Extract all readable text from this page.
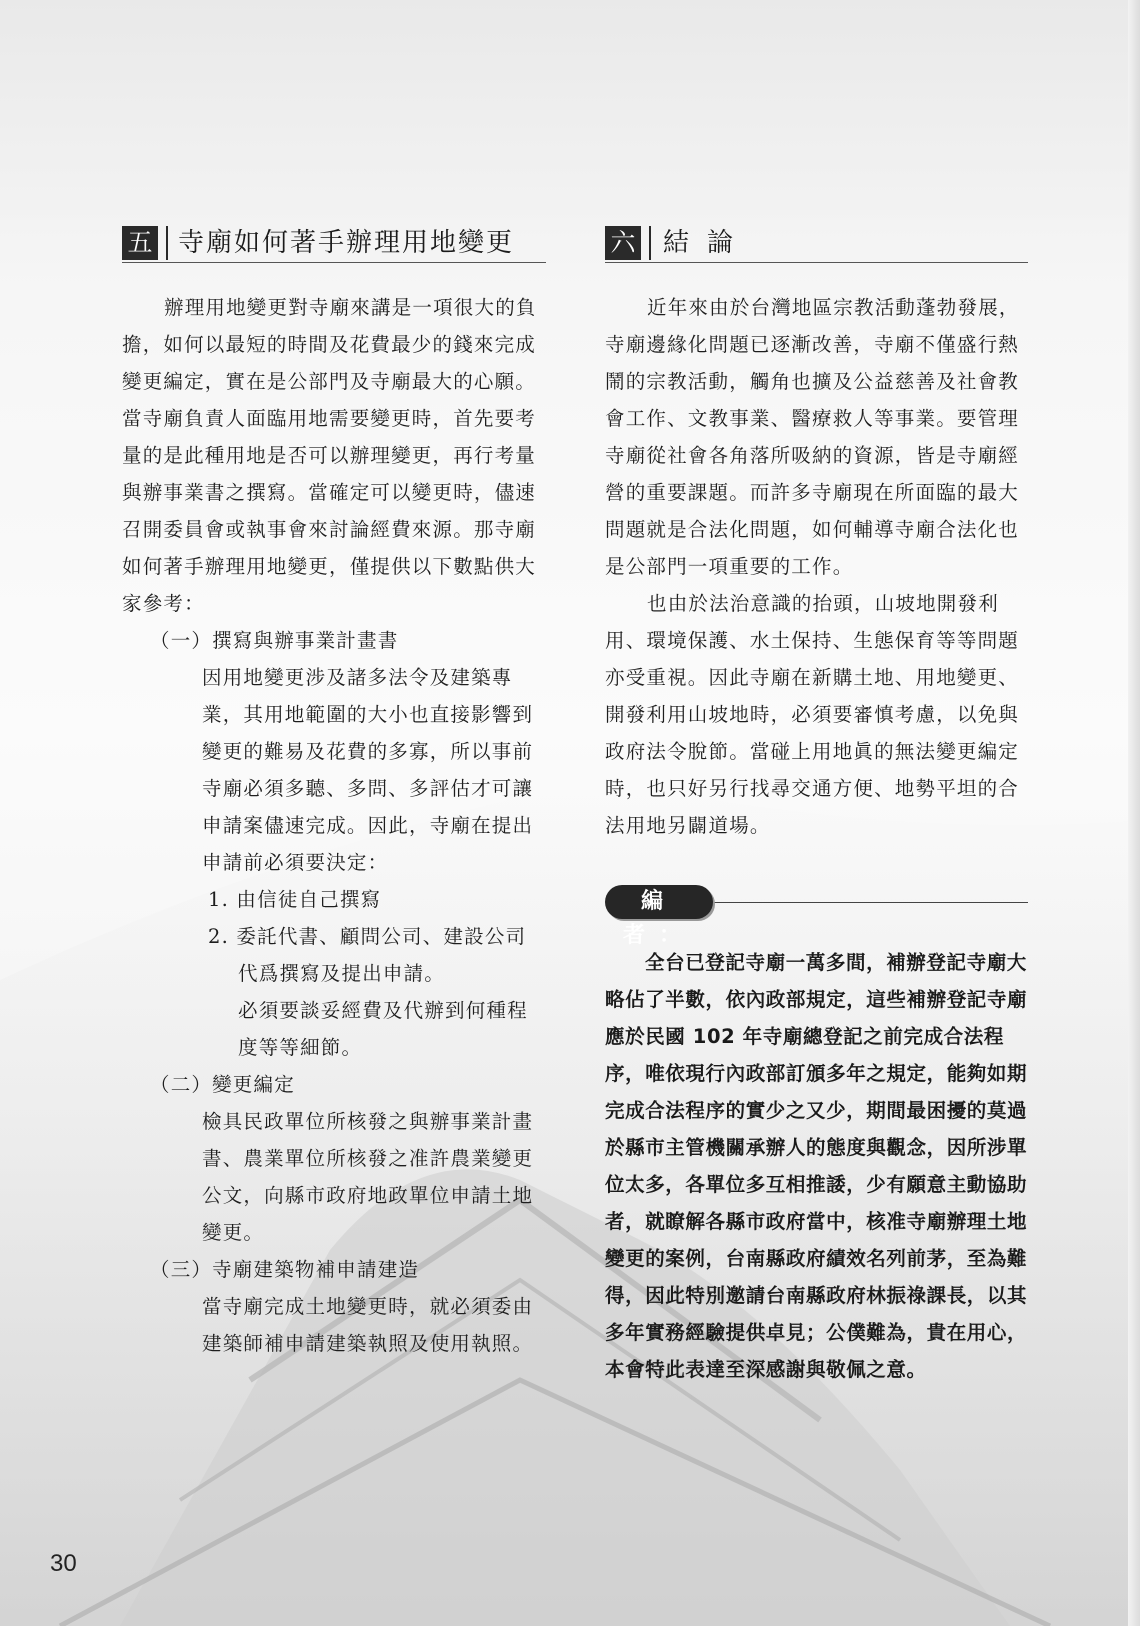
五 寺廟如何著手辦理用地變更

辦理用地變更對寺廟來講是一項很大的負擔，如何以最短的時間及花費最少的錢來完成變更編定，實在是公部門及寺廟最大的心願。當寺廟負責人面臨用地需要變更時，首先要考量的是此種用地是否可以辦理變更，再行考量與辦事業書之撰寫。當確定可以變更時，儘速召開委員會或執事會來討論經費來源。那寺廟如何著手辦理用地變更，僅提供以下數點供大家參考：

（一）撰寫與辦事業計畫書

因用地變更涉及諸多法令及建築專業，其用地範圍的大小也直接影響到變更的難易及花費的多寡，所以事前寺廟必須多聽、多問、多評估才可讓申請案儘速完成。因此，寺廟在提出申請前必須要決定：

1. 由信徒自己撰寫

2. 委託代書、顧問公司、建設公司

代爲撰寫及提出申請。

必須要談妥經費及代辦到何種程度等等細節。

（二）變更編定

檢具民政單位所核發之與辦事業計畫書、農業單位所核發之准許農業變更公文，向縣市政府地政單位申請土地變更。

（三）寺廟建築物補申請建造

當寺廟完成土地變更時，就必須委由建築師補申請建築執照及使用執照。

六 結論

近年來由於台灣地區宗教活動蓬勃發展，寺廟邊緣化問題已逐漸改善，寺廟不僅盛行熱鬧的宗教活動，觸角也擴及公益慈善及社會教會工作、文教事業、醫療救人等事業。要管理寺廟從社會各角落所吸納的資源，皆是寺廟經營的重要課題。而許多寺廟現在所面臨的最大問題就是合法化問題，如何輔導寺廟合法化也是公部門一項重要的工作。

也由於法治意識的抬頭，山坡地開發利用、環境保護、水土保持、生態保育等等問題亦受重視。因此寺廟在新購土地、用地變更、開發利用山坡地時，必須要審慎考慮，以免與政府法令脫節。當碰上用地眞的無法變更編定時，也只好另行找尋交通方便、地勢平坦的合法用地另闢道場。

編 者：

全台已登記寺廟一萬多間，補辦登記寺廟大略佔了半數，依內政部規定，這些補辦登記寺廟應於民國 102 年寺廟總登記之前完成合法程序，唯依現行內政部訂頒多年之規定，能夠如期完成合法程序的實少之又少，期間最困擾的莫過於縣市主管機關承辦人的態度與觀念，因所涉單位太多，各單位多互相推諉，少有願意主動協助者，就瞭解各縣市政府當中，核准寺廟辦理土地變更的案例，台南縣政府績效名列前茅，至為難得，因此特別邀請台南縣政府林振祿課長，以其多年實務經驗提供卓見；公僕難為，貴在用心，本會特此表達至深感謝與敬佩之意。

30
